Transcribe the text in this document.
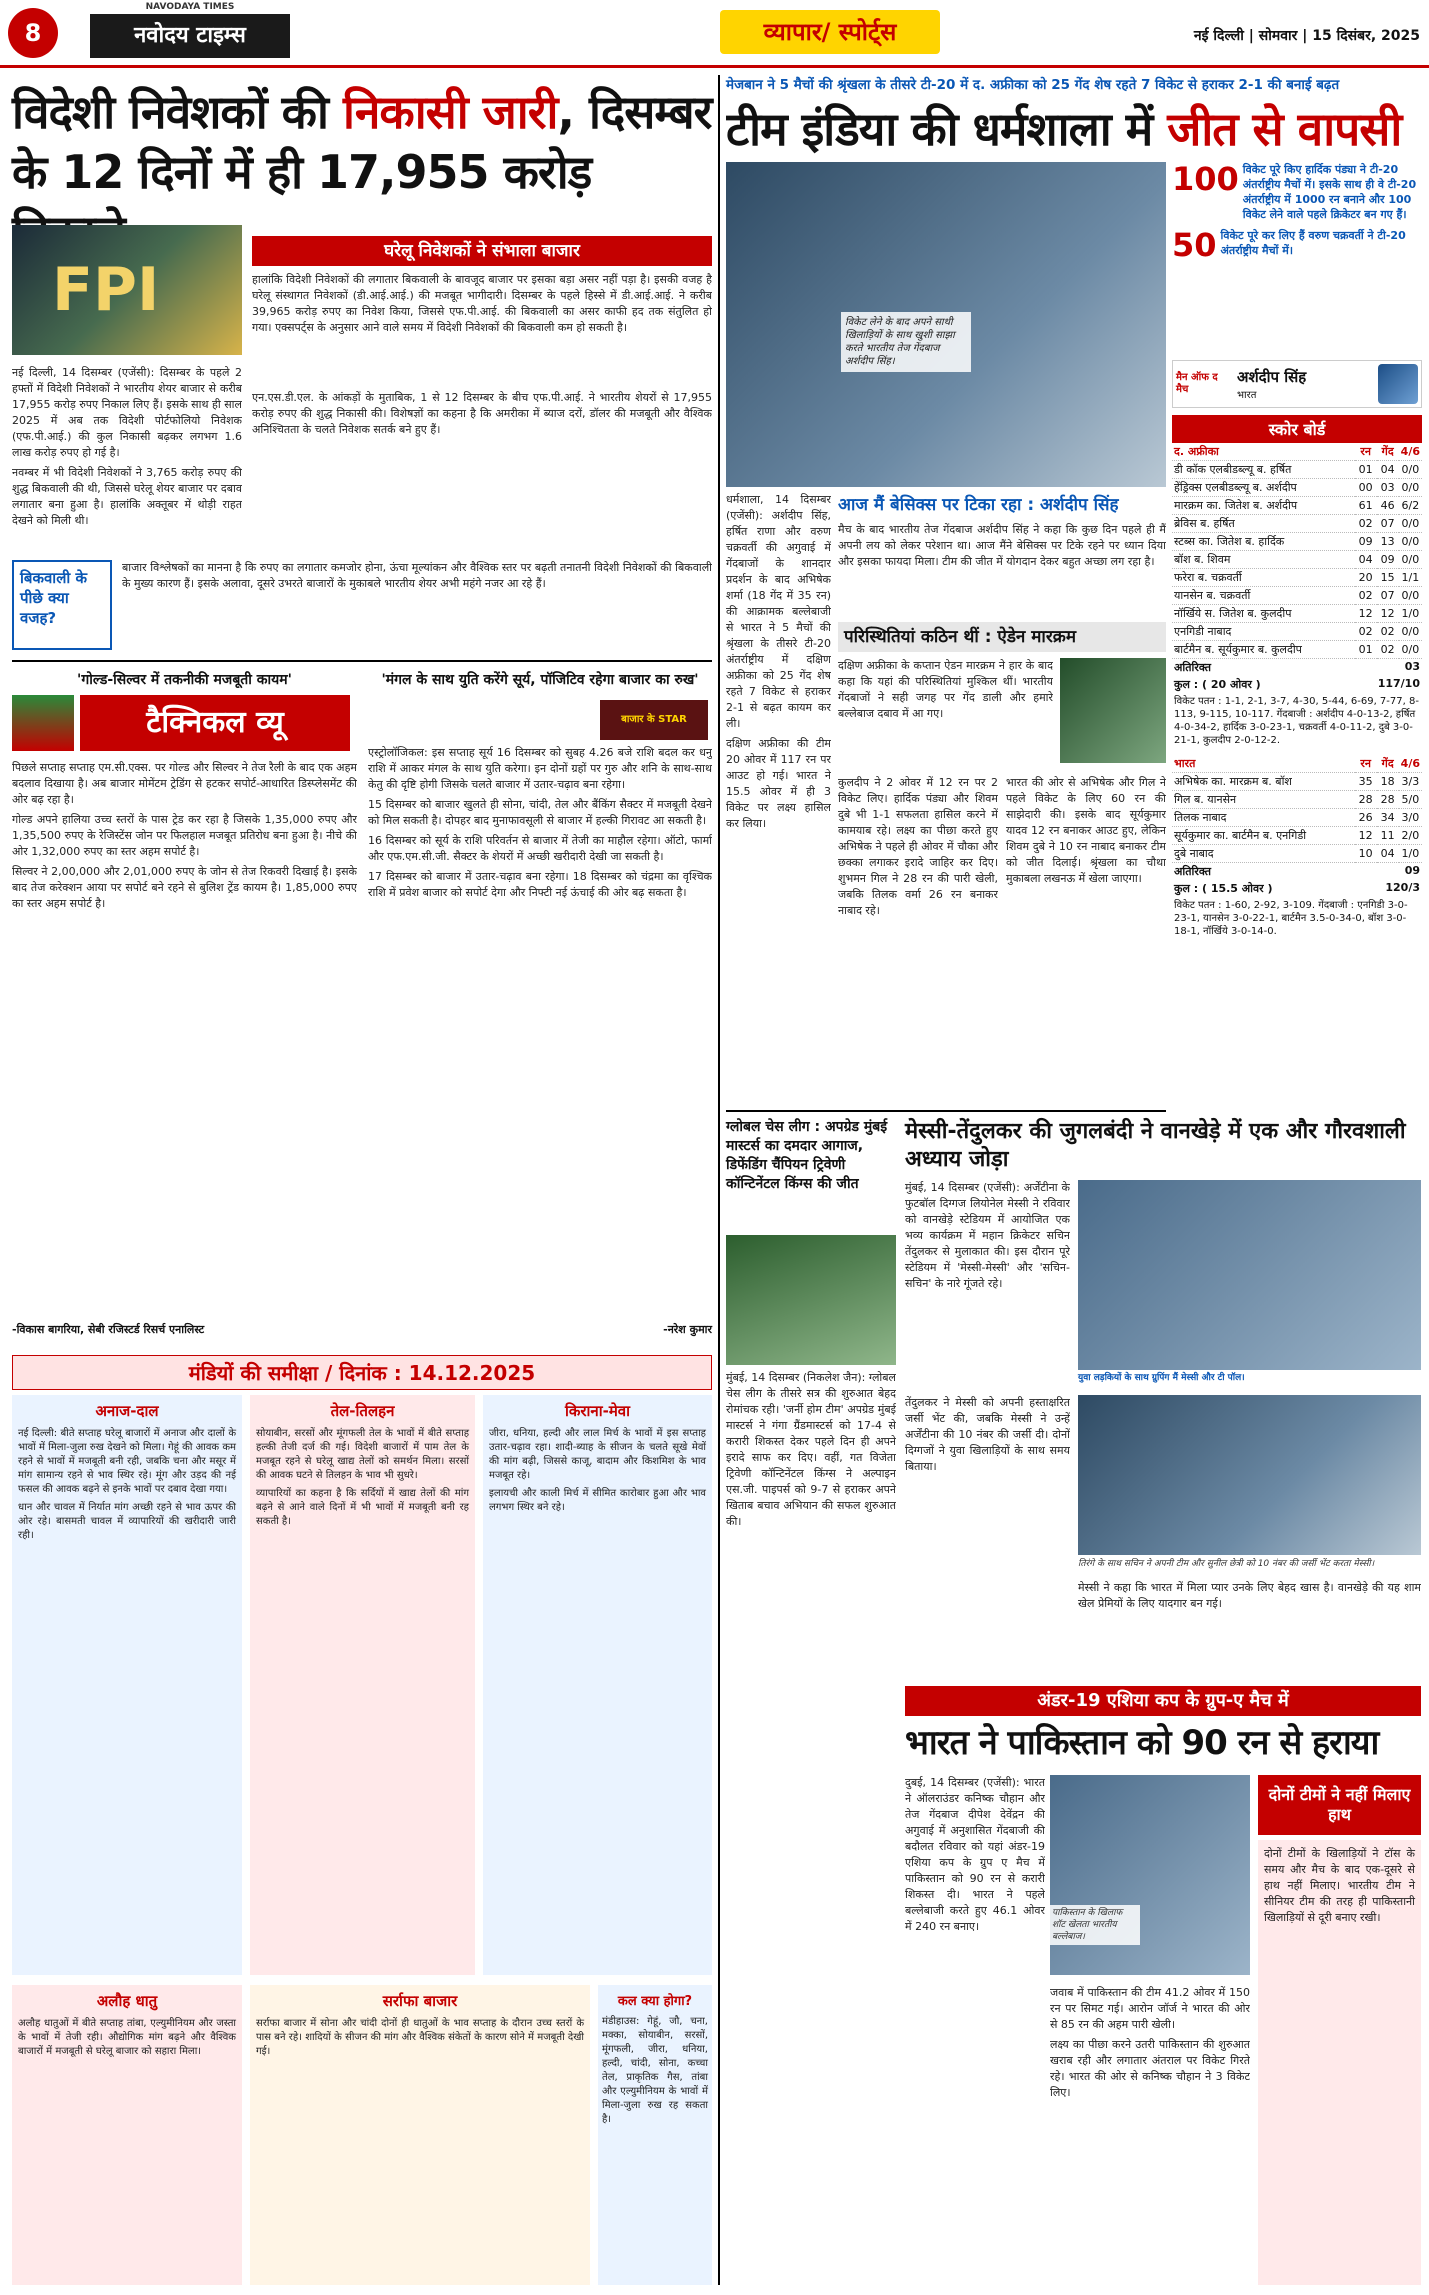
8
NAVODAYA TIMES
नवोदय टाइम्स	व्यापार/ स्पोर्ट्स	नई दिल्ली | सोमवार | 15 दिसंबर, 2025
विदेशी निवेशकों की निकासी जारी, दिसम्बर के 12 दिनों में ही 17,955 करोड़
FPI
घरेलू निवेशकों ने संभाला बाजार

नई दिल्ली, 14 दिसम्बर (एजेंसी): दिसम्बर के पहले 2 हफ्तों में विदेशी निवेशकों ने भारतीय शेयर बाजार से करीब 17,955 करोड़ रुपए निकाल लिए हैं। इसके साथ ही साल 2025 में अब तक विदेशी पोर्टफोलियो निवेशक (एफ.पी.आई.) की कुल निकासी बढ़कर लगभग 1.6 लाख करोड़ रुपए हो गई है।

नवम्बर में भी विदेशी निवेशकों ने 3,765 करोड़ रुपए की शुद्ध बिकवाली की थी, जिससे घरेलू शेयर बाजार पर दबाव लगातार बना हुआ है। हालांकि अक्तूबर में थोड़ी राहत देखने को मिली थी।

हालांकि विदेशी निवेशकों की लगातार बिकवाली के बावजूद बाजार पर इसका बड़ा असर नहीं पड़ा है। इसकी वजह है घरेलू संस्थागत निवेशकों (डी.आई.आई.) की मजबूत भागीदारी। दिसम्बर के पहले हिस्से में डी.आई.आई. ने करीब 39,965 करोड़ रुपए का निवेश किया, जिससे एफ.पी.आई. की बिकवाली का असर काफी हद तक संतुलित हो गया। एक्सपर्ट्स के अनुसार आने वाले समय में विदेशी निवेशकों की बिकवाली कम हो सकती है।
एन.एस.डी.एल. के आंकड़ों के मुताबिक, 1 से 12 दिसम्बर के बीच एफ.पी.आई. ने भारतीय शेयरों से 17,955 करोड़ रुपए की शुद्ध निकासी की। विशेषज्ञों का कहना है कि अमरीका में ब्याज दरों, डॉलर की मजबूती और वैश्विक अनिश्चितता के चलते निवेशक सतर्क बने हुए हैं।
बिकवाली के पीछे क्या वजह?
बाजार विश्लेषकों का मानना है कि रुपए का लगातार कमजोर होना, ऊंचा मूल्यांकन और वैश्विक स्तर पर बढ़ती तनातनी विदेशी निवेशकों की बिकवाली के मुख्य कारण हैं। इसके अलावा, दूसरे उभरते बाजारों के मुकाबले भारतीय शेयर अभी महंगे नजर आ रहे हैं।
'गोल्ड-सिल्वर में तकनीकी मजबूती कायम'
टैक्निकल व्यू

पिछले सप्ताह सप्ताह एम.सी.एक्स. पर गोल्ड और सिल्वर ने तेज रैली के बाद एक अहम बदलाव दिखाया है। अब बाजार मोमेंटम ट्रेडिंग से हटकर सपोर्ट-आधारित डिस्प्लेसमेंट की ओर बढ़ रहा है।

गोल्ड अपने हालिया उच्च स्तरों के पास ट्रेड कर रहा है जिसके 1,35,000 रुपए और 1,35,500 रुपए के रेजिस्टेंस जोन पर फिलहाल मजबूत प्रतिरोध बना हुआ है। नीचे की ओर 1,32,000 रुपए का स्तर अहम सपोर्ट है।

सिल्वर ने 2,00,000 और 2,01,000 रुपए के जोन से तेज रिकवरी दिखाई है। इसके बाद तेज करेक्शन आया पर सपोर्ट बने रहने से बुलिश ट्रेंड कायम है। 1,85,000 रुपए का स्तर अहम सपोर्ट है।

-विकास बागरिया, सेबी रजिस्टर्ड रिसर्च एनालिस्ट
'मंगल के साथ युति करेंगे सूर्य, पॉजिटिव रहेगा बाजार का रुख'
बाजार के STAR

एस्ट्रोलॉजिकल: इस सप्ताह सूर्य 16 दिसम्बर को सुबह 4.26 बजे राशि बदल कर धनु राशि में आकर मंगल के साथ युति करेगा। इन दोनों ग्रहों पर गुरु और शनि के साथ-साथ केतु की दृष्टि होगी जिसके चलते बाजार में उतार-चढ़ाव बना रहेगा।

15 दिसम्बर को बाजार खुलते ही सोना, चांदी, तेल और बैंकिंग सैक्टर में मजबूती देखने को मिल सकती है। दोपहर बाद मुनाफावसूली से बाजार में हल्की गिरावट आ सकती है।

16 दिसम्बर को सूर्य के राशि परिवर्तन से बाजार में तेजी का माहौल रहेगा। ऑटो, फार्मा और एफ.एम.सी.जी. सैक्टर के शेयरों में अच्छी खरीदारी देखी जा सकती है।

17 दिसम्बर को बाजार में उतार-चढ़ाव बना रहेगा। 18 दिसम्बर को चंद्रमा का वृश्चिक राशि में प्रवेश बाजार को सपोर्ट देगा और निफ्टी नई ऊंचाई की ओर बढ़ सकता है।

-नरेश कुमार
मंडियों की समीक्षा / दिनांक : 14.12.2025
अनाज-दाल

नई दिल्ली: बीते सप्ताह घरेलू बाजारों में अनाज और दालों के भावों में मिला-जुला रुख देखने को मिला। गेहूं की आवक कम रहने से भावों में मजबूती बनी रही, जबकि चना और मसूर में मांग सामान्य रहने से भाव स्थिर रहे। मूंग और उड़द की नई फसल की आवक बढ़ने से इनके भावों पर दबाव देखा गया।

धान और चावल में निर्यात मांग अच्छी रहने से भाव ऊपर की ओर रहे। बासमती चावल में व्यापारियों की खरीदारी जारी रही।

तेल-तिलहन

सोयाबीन, सरसों और मूंगफली तेल के भावों में बीते सप्ताह हल्की तेजी दर्ज की गई। विदेशी बाजारों में पाम तेल के मजबूत रहने से घरेलू खाद्य तेलों को समर्थन मिला। सरसों की आवक घटने से तिलहन के भाव भी सुधरे।

व्यापारियों का कहना है कि सर्दियों में खाद्य तेलों की मांग बढ़ने से आने वाले दिनों में भी भावों में मजबूती बनी रह सकती है।

किराना-मेवा

जीरा, धनिया, हल्दी और लाल मिर्च के भावों में इस सप्ताह उतार-चढ़ाव रहा। शादी-ब्याह के सीजन के चलते सूखे मेवों की मांग बढ़ी, जिससे काजू, बादाम और किशमिश के भाव मजबूत रहे।

इलायची और काली मिर्च में सीमित कारोबार हुआ और भाव लगभग स्थिर बने रहे।

अलौह धातु
अलौह धातुओं में बीते सप्ताह तांबा, एल्युमीनियम और जस्ता के भावों में तेजी रही। औद्योगिक मांग बढ़ने और वैश्विक बाजारों में मजबूती से घरेलू बाजार को सहारा मिला।
सर्राफा बाजार
सर्राफा बाजार में सोना और चांदी दोनों ही धातुओं के भाव सप्ताह के दौरान उच्च स्तरों के पास बने रहे। शादियों के सीजन की मांग और वैश्विक संकेतों के कारण सोने में मजबूती देखी गई।
कल क्या होगा?
मंडीहाउस: गेहूं, जौ, चना, मक्का, सोयाबीन, सरसों, मूंगफली, जीरा, धनिया, हल्दी, चांदी, सोना, कच्चा तेल, प्राकृतिक गैस, तांबा और एल्युमीनियम के भावों में मिला-जुला रुख रह सकता है।
मेजबान ने 5 मैचों की श्रृंखला के तीसरे टी-20 में द. अफ्रीका को 25 गेंद शेष रहते 7 विकेट से हराकर 2-1 की बनाई बढ़त
टीम इंडिया की धर्मशाला में जीत से वापसी
विकेट लेने के बाद अपने साथी खिलाड़ियों के साथ खुशी साझा करते भारतीय तेज गेंदबाज अर्शदीप सिंह।
100 विकेट पूरे किए हार्दिक पंड्या ने टी-20 अंतर्राष्ट्रीय मैचों में। इसके साथ ही वे टी-20 अंतर्राष्ट्रीय में 1000 रन बनाने और 100 विकेट लेने वाले पहले क्रिकेटर बन गए हैं।
50 विकेट पूरे कर लिए हैं वरुण चक्रवर्ती ने टी-20 अंतर्राष्ट्रीय मैचों में।
मैन ऑफ द मैच
अर्शदीप सिंह
भारत
स्कोर बोर्ड
द. अफ्रीका	रन	गेंद	4/6
डी कॉक एलबीडब्ल्यू ब. हर्षित	01	04	0/0
हेंड्रिक्स एलबीडब्ल्यू ब. अर्शदीप	00	03	0/0
मारक्रम का. जितेश ब. अर्शदीप	61	46	6/2
ब्रेविस ब. हर्षित	02	07	0/0
स्टब्स का. जितेश ब. हार्दिक	09	13	0/0
बॉश ब. शिवम	04	09	0/0
फरेरा ब. चक्रवर्ती	20	15	1/1
यानसेन ब. चक्रवर्ती	02	07	0/0
नॉर्खिये स. जितेश ब. कुलदीप	12	12	1/0
एनगिडी नाबाद	02	02	0/0
बार्टमैन ब. सूर्यकुमार ब. कुलदीप	01	02	0/0
अतिरिक्त	03
कुल : ( 20 ओवर )	117/10
विकेट पतन : 1-1, 2-1, 3-7, 4-30, 5-44, 6-69, 7-77, 8-113, 9-115, 10-117. गेंदबाजी : अर्शदीप 4-0-13-2, हर्षित 4-0-34-2, हार्दिक 3-0-23-1, चक्रवर्ती 4-0-11-2, दुबे 3-0-21-1, कुलदीप 2-0-12-2.
भारत	रन	गेंद	4/6
अभिषेक का. मारक्रम ब. बॉश	35	18	3/3
गिल ब. यानसेन	28	28	5/0
तिलक नाबाद	26	34	3/0
सूर्यकुमार का. बार्टमैन ब. एनगिडी	12	11	2/0
दुबे नाबाद	10	04	1/0
अतिरिक्त	09
कुल : ( 15.5 ओवर )	120/3
विकेट पतन : 1-60, 2-92, 3-109. गेंदबाजी : एनगिडी 3-0-23-1, यानसेन 3-0-22-1, बार्टमैन 3.5-0-34-0, बॉश 3-0-18-1, नॉर्खिये 3-0-14-0.

धर्मशाला, 14 दिसम्बर (एजेंसी): अर्शदीप सिंह, हर्षित राणा और वरुण चक्रवर्ती की अगुवाई में गेंदबाजों के शानदार प्रदर्शन के बाद अभिषेक शर्मा (18 गेंद में 35 रन) की आक्रामक बल्लेबाजी से भारत ने 5 मैचों की श्रृंखला के तीसरे टी-20 अंतर्राष्ट्रीय में दक्षिण अफ्रीका को 25 गेंद शेष रहते 7 विकेट से हराकर 2-1 से बढ़त कायम कर ली।

दक्षिण अफ्रीका की टीम 20 ओवर में 117 रन पर आउट हो गई। भारत ने 15.5 ओवर में ही 3 विकेट पर लक्ष्य हासिल कर लिया।

आज मैं बेसिक्स पर टिका रहा : अर्शदीप सिंह
मैच के बाद भारतीय तेज गेंदबाज अर्शदीप सिंह ने कहा कि कुछ दिन पहले ही मैं अपनी लय को लेकर परेशान था। आज मैंने बेसिक्स पर टिके रहने पर ध्यान दिया और इसका फायदा मिला। टीम की जीत में योगदान देकर बहुत अच्छा लग रहा है।
परिस्थितियां कठिन थीं : ऐडेन मारक्रम
दक्षिण अफ्रीका के कप्तान ऐडन मारक्रम ने हार के बाद कहा कि यहां की परिस्थितियां मुश्किल थीं। भारतीय गेंदबाजों ने सही जगह पर गेंद डाली और हमारे बल्लेबाज दबाव में आ गए।
कुलदीप ने 2 ओवर में 12 रन पर 2 विकेट लिए। हार्दिक पंड्या और शिवम दुबे भी 1-1 सफलता हासिल करने में कामयाब रहे। लक्ष्य का पीछा करते हुए अभिषेक ने पहले ही ओवर में चौका और छक्का लगाकर इरादे जाहिर कर दिए। शुभमन गिल ने 28 रन की पारी खेली, जबकि तिलक वर्मा 26 रन बनाकर नाबाद रहे।
भारत की ओर से अभिषेक और गिल ने पहले विकेट के लिए 60 रन की साझेदारी की। इसके बाद सूर्यकुमार यादव 12 रन बनाकर आउट हुए, लेकिन शिवम दुबे ने 10 रन नाबाद बनाकर टीम को जीत दिलाई। श्रृंखला का चौथा मुकाबला लखनऊ में खेला जाएगा।
ग्लोबल चेस लीग : अपग्रेड मुंबई मास्टर्स का दमदार आगाज, डिफेंडिंग चैंपियन ट्रिवेणी कॉन्टिनेंटल किंग्स की जीत
मुंबई, 14 दिसम्बर (निकलेश जैन): ग्लोबल चेस लीग के तीसरे सत्र की शुरुआत बेहद रोमांचक रही। 'जर्नी होम टीम' अपग्रेड मुंबई मास्टर्स ने गंगा ग्रैंडमास्टर्स को 17-4 से करारी शिकस्त देकर पहले दिन ही अपने इरादे साफ कर दिए। वहीं, गत विजेता ट्रिवेणी कॉन्टिनेंटल किंग्स ने अल्पाइन एस.जी. पाइपर्स को 9-7 से हराकर अपने खिताब बचाव अभियान की सफल शुरुआत की।
मेस्सी-तेंदुलकर की जुगलबंदी ने वानखेड़े में एक और गौरवशाली अध्याय जोड़ा
युवा लड़कियों के साथ ग्रुपिंग मैं मेस्सी और टी पॉल।
मुंबई, 14 दिसम्बर (एजेंसी): अर्जेंटीना के फुटबॉल दिग्गज लियोनेल मेस्सी ने रविवार को वानखेड़े स्टेडियम में आयोजित एक भव्य कार्यक्रम में महान क्रिकेटर सचिन तेंदुलकर से मुलाकात की। इस दौरान पूरे स्टेडियम में 'मेस्सी-मेस्सी' और 'सचिन-सचिन' के नारे गूंजते रहे।
तिरंगे के साथ सचिन ने अपनी टीम और सुनील छेत्री को 10 नंबर की जर्सी भेंट करता मेस्सी।
तेंदुलकर ने मेस्सी को अपनी हस्ताक्षरित जर्सी भेंट की, जबकि मेस्सी ने उन्हें अर्जेंटीना की 10 नंबर की जर्सी दी। दोनों दिग्गजों ने युवा खिलाड़ियों के साथ समय बिताया।
मेस्सी ने कहा कि भारत में मिला प्यार उनके लिए बेहद खास है। वानखेड़े की यह शाम खेल प्रेमियों के लिए यादगार बन गई।
अंडर-19 एशिया कप के ग्रुप-ए मैच में
भारत ने पाकिस्तान को 90 रन से हराया
पाकिस्तान के खिलाफ शॉट खेलता भारतीय बल्लेबाज।
दुबई, 14 दिसम्बर (एजेंसी): भारत ने ऑलराउंडर कनिष्क चौहान और तेज गेंदबाज दीपेश देवेंद्रन की अगुवाई में अनुशासित गेंदबाजी की बदौलत रविवार को यहां अंडर-19 एशिया कप के ग्रुप ए मैच में पाकिस्तान को 90 रन से करारी शिकस्त दी। भारत ने पहले बल्लेबाजी करते हुए 46.1 ओवर में 240 रन बनाए।

जवाब में पाकिस्तान की टीम 41.2 ओवर में 150 रन पर सिमट गई। आरोन जॉर्ज ने भारत की ओर से 85 रन की अहम पारी खेली।

लक्ष्य का पीछा करने उतरी पाकिस्तान की शुरुआत खराब रही और लगातार अंतराल पर विकेट गिरते रहे। भारत की ओर से कनिष्क चौहान ने 3 विकेट लिए।

दोनों टीमों ने नहीं मिलाए हाथ
दोनों टीमों के खिलाड़ियों ने टॉस के समय और मैच के बाद एक-दूसरे से हाथ नहीं मिलाए। भारतीय टीम ने सीनियर टीम की तरह ही पाकिस्तानी खिलाड़ियों से दूरी बनाए रखी।
